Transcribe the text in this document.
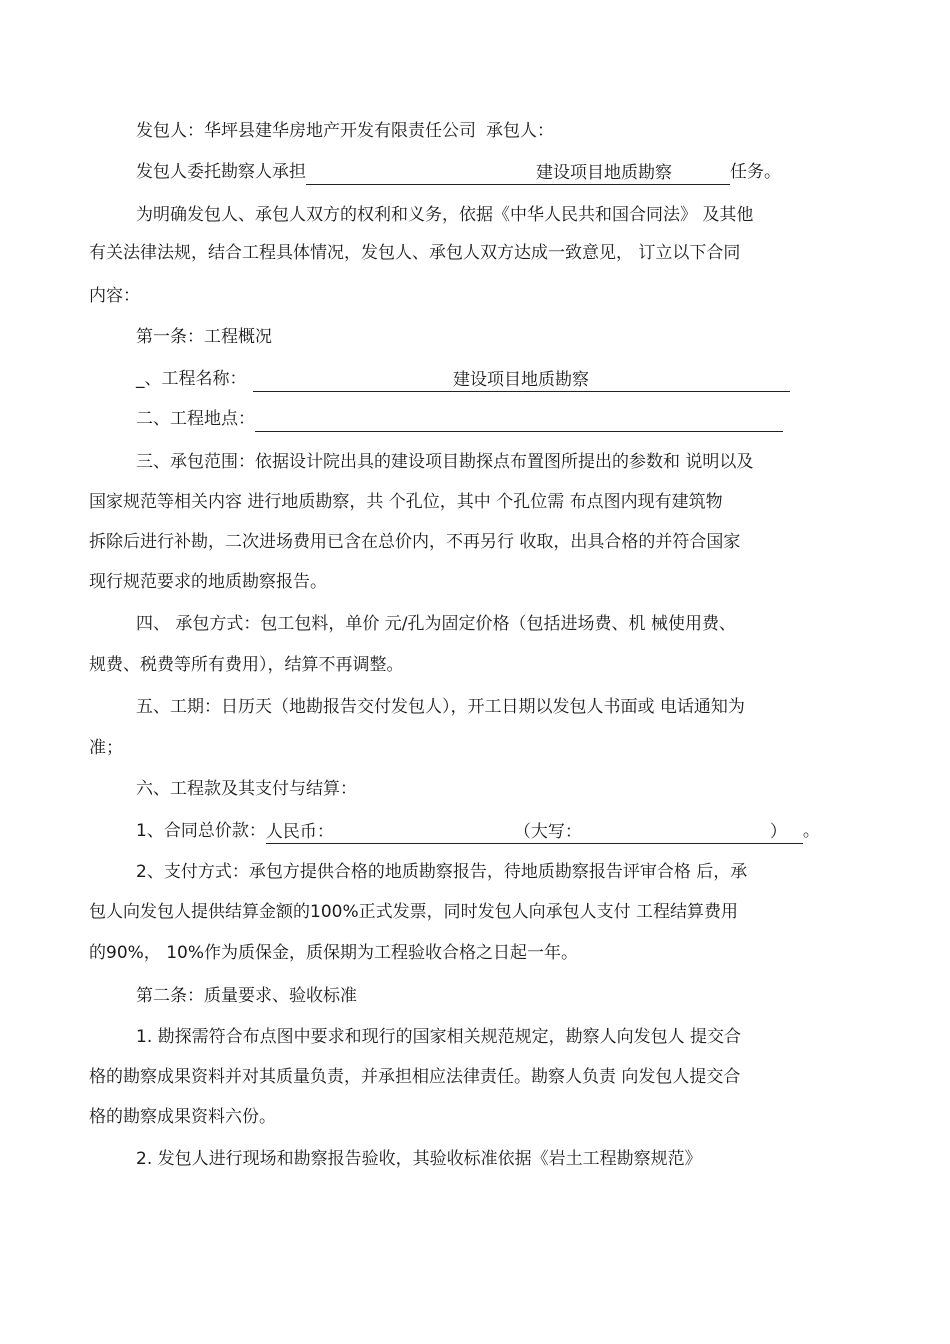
发包人：华坪县建华房地产开发有限责任公司 承包人：
发包人委托勘察人承担	建设项目地质勘察	任务。
为明确发包人、承包人双方的权利和义务，依据《中华人民共和国合同法》 及其他
有关法律法规，结合工程具体情况，发包人、承包人双方达成一致意见， 订立以下合同
内容：
第一条：工程概况
_、工程名称：	建设项目地质勘察
二、工程地点：
三、承包范围：依据设计院出具的建设项目勘探点布置图所提出的参数和 说明以及
国家规范等相关内容 进行地质勘察，共 个孔位，其中 个孔位需 布点图内现有建筑物
拆除后进行补勘，二次进场费用已含在总价内，不再另行 收取，出具合格的并符合国家
现行规范要求的地质勘察报告。
四、 承包方式：包工包料，单价 元/孔为固定价格（包括进场费、机 械使用费、
规费、税费等所有费用），结算不再调整。
五、工期：日历天（地勘报告交付发包人），开工日期以发包人书面或 电话通知为
准；
六、工程款及其支付与结算：
1、合同总价款：人民币：	（大写：	） 。
2、支付方式：承包方提供合格的地质勘察报告，待地质勘察报告评审合格 后，承
包人向发包人提供结算金额的100%正式发票，同时发包人向承包人支付 工程结算费用
的90%， 10%作为质保金，质保期为工程验收合格之日起一年。
第二条：质量要求、验收标准
1. 勘探需符合布点图中要求和现行的国家相关规范规定，勘察人向发包人 提交合
格的勘察成果资料并对其质量负责，并承担相应法律责任。勘察人负责 向发包人提交合
格的勘察成果资料六份。
2. 发包人进行现场和勘察报告验收，其验收标准依据《岩土工程勘察规范》
